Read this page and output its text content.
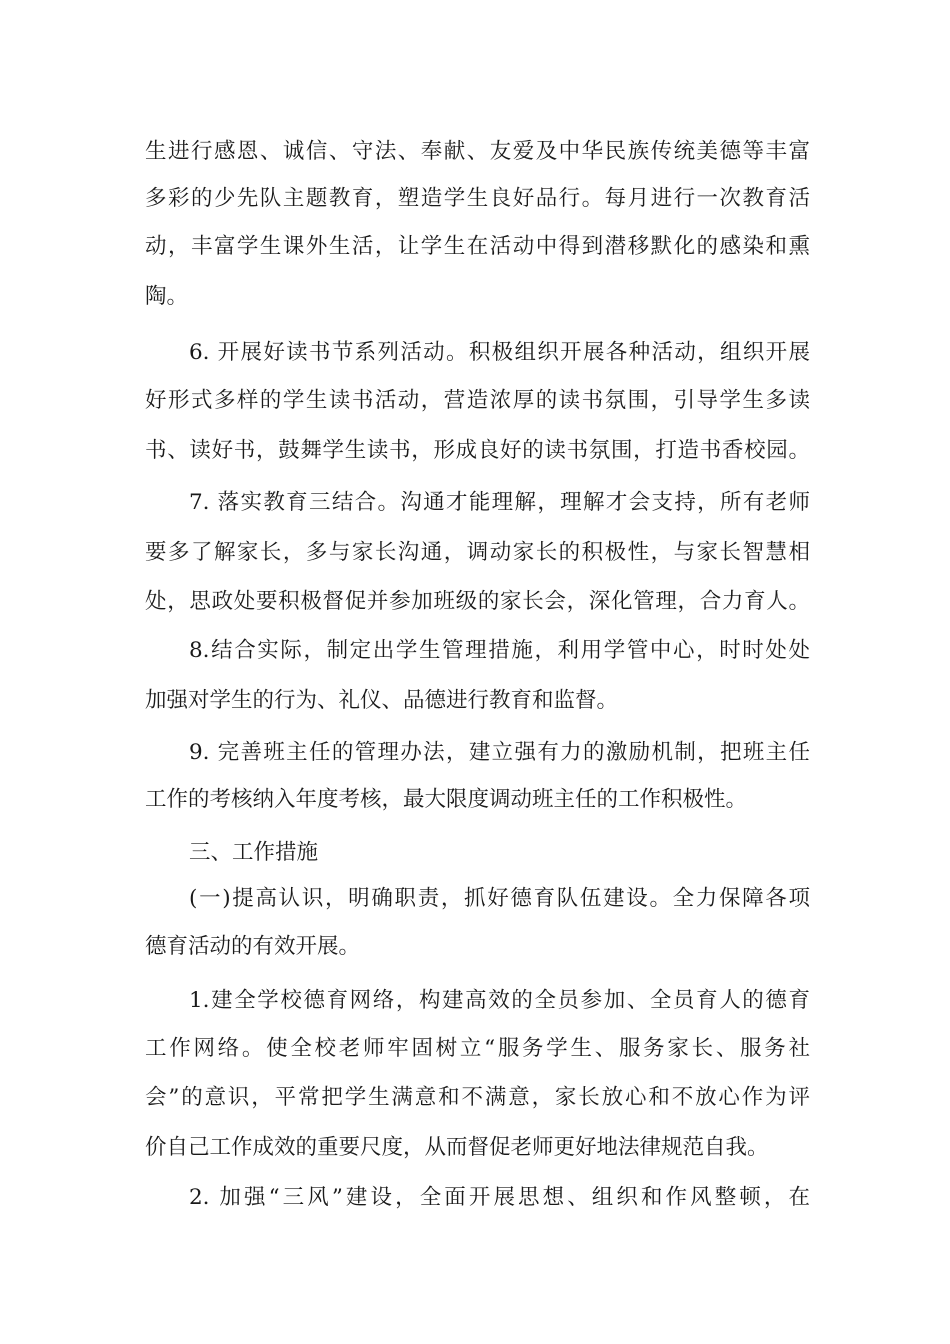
生进行感恩、诚信、守法、奉献、友爱及中华民族传统美德等丰富

多彩的少先队主题教育，塑造学生良好品行。每月进行一次教育活

动，丰富学生课外生活，让学生在活动中得到潜移默化的感染和熏

陶。

6. 开展好读书节系列活动。积极组织开展各种活动，组织开展

好形式多样的学生读书活动，营造浓厚的读书氛围，引导学生多读

书、读好书，鼓舞学生读书，形成良好的读书氛围，打造书香校园。

7. 落实教育三结合。沟通才能理解，理解才会支持，所有老师

要多了解家长，多与家长沟通，调动家长的积极性，与家长智慧相

处，思政处要积极督促并参加班级的家长会，深化管理，合力育人。

8.结合实际，制定出学生管理措施，利用学管中心，时时处处

加强对学生的行为、礼仪、品德进行教育和监督。

9. 完善班主任的管理办法，建立强有力的激励机制，把班主任

工作的考核纳入年度考核，最大限度调动班主任的工作积极性。

三、工作措施

(一)提高认识，明确职责，抓好德育队伍建设。全力保障各项

德育活动的有效开展。

1.建全学校德育网络，构建高效的全员参加、全员育人的德育

工作网络。使全校老师牢固树立“服务学生、服务家长、服务社

会”的意识，平常把学生满意和不满意，家长放心和不放心作为评

价自己工作成效的重要尺度，从而督促老师更好地法律规范自我。

2. 加强“三风”建设，全面开展思想、组织和作风整顿，在
